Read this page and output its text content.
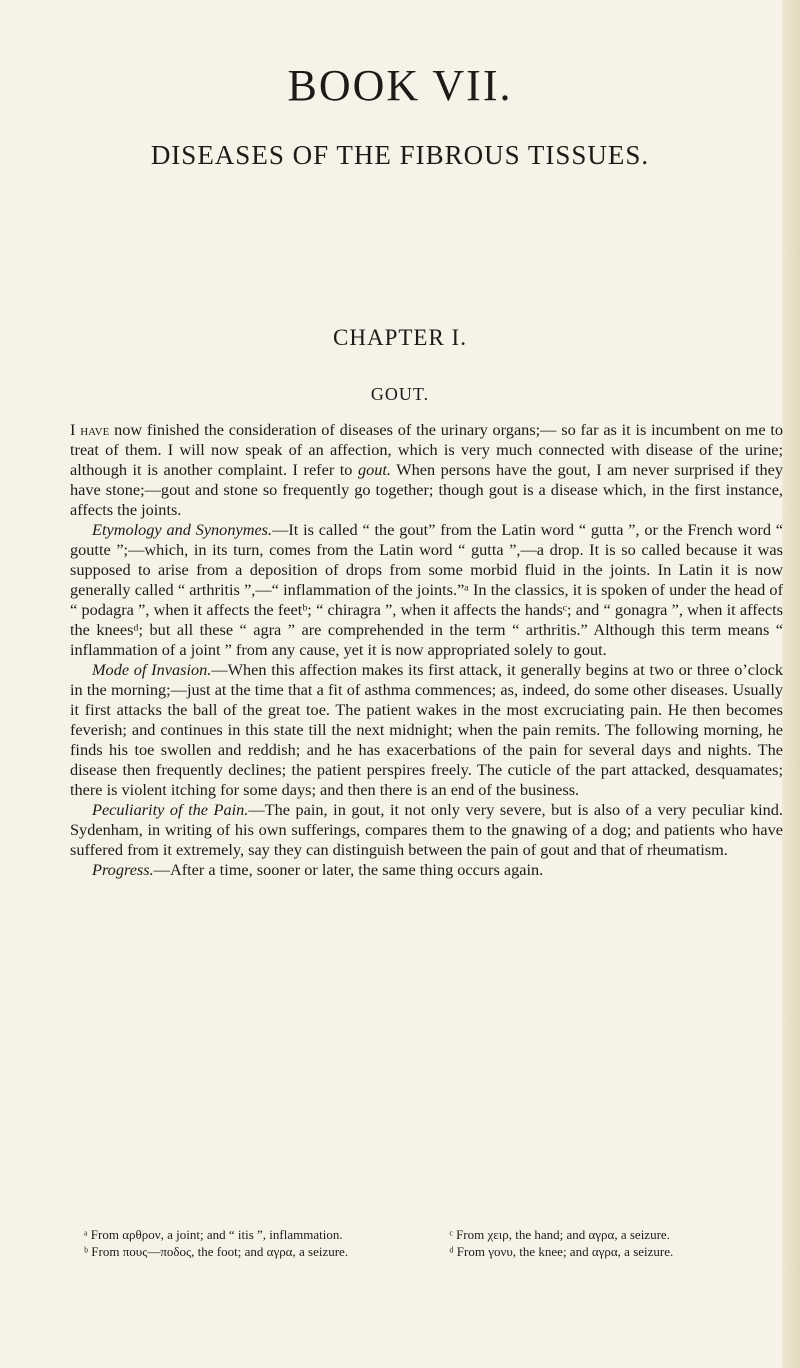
BOOK VII.
DISEASES OF THE FIBROUS TISSUES.
CHAPTER I.
GOUT.

I have now finished the consideration of diseases of the urinary organs;— so far as it is incumbent on me to treat of them. I will now speak of an affection, which is very much connected with disease of the urine; although it is another complaint. I refer to gout. When persons have the gout, I am never surprised if they have stone;—gout and stone so frequently go together; though gout is a disease which, in the first instance, affects the joints.

Etymology and Synonymes.—It is called “ the gout” from the Latin word “ gutta ”, or the French word “ goutte ”;—which, in its turn, comes from the Latin word “ gutta ”,—a drop. It is so called because it was supposed to arise from a deposition of drops from some morbid fluid in the joints. In Latin it is now generally called “ arthritis ”,—“ inflammation of the joints.”ᵃ In the classics, it is spoken of under the head of “ podagra ”, when it affects the feetᵇ; “ chiragra ”, when it affects the handsᶜ; and “ gonagra ”, when it affects the kneesᵈ; but all these “ agra ” are comprehended in the term “ arthritis.” Although this term means “ inflammation of a joint ” from any cause, yet it is now appropriated solely to gout.

Mode of Invasion.—When this affection makes its first attack, it generally begins at two or three o’clock in the morning;—just at the time that a fit of asthma commences; as, indeed, do some other diseases. Usually it first attacks the ball of the great toe. The patient wakes in the most excruciating pain. He then becomes feverish; and continues in this state till the next midnight; when the pain remits. The following morning, he finds his toe swollen and reddish; and he has exacerbations of the pain for several days and nights. The disease then frequently declines; the patient perspires freely. The cuticle of the part attacked, desquamates; there is violent itching for some days; and then there is an end of the business.

Peculiarity of the Pain.—The pain, in gout, it not only very severe, but is also of a very peculiar kind. Sydenham, in writing of his own sufferings, compares them to the gnawing of a dog; and patients who have suffered from it extremely, say they can distinguish between the pain of gout and that of rheumatism.

Progress.—After a time, sooner or later, the same thing occurs again.

ᵃ From αρθρον, a joint; and “ itis ”, inflammation.

ᵇ From πους—ποδος, the foot; and αγρα, a seizure.

ᶜ From χειρ, the hand; and αγρα, a seizure.

ᵈ From γονυ, the knee; and αγρα, a seizure.
